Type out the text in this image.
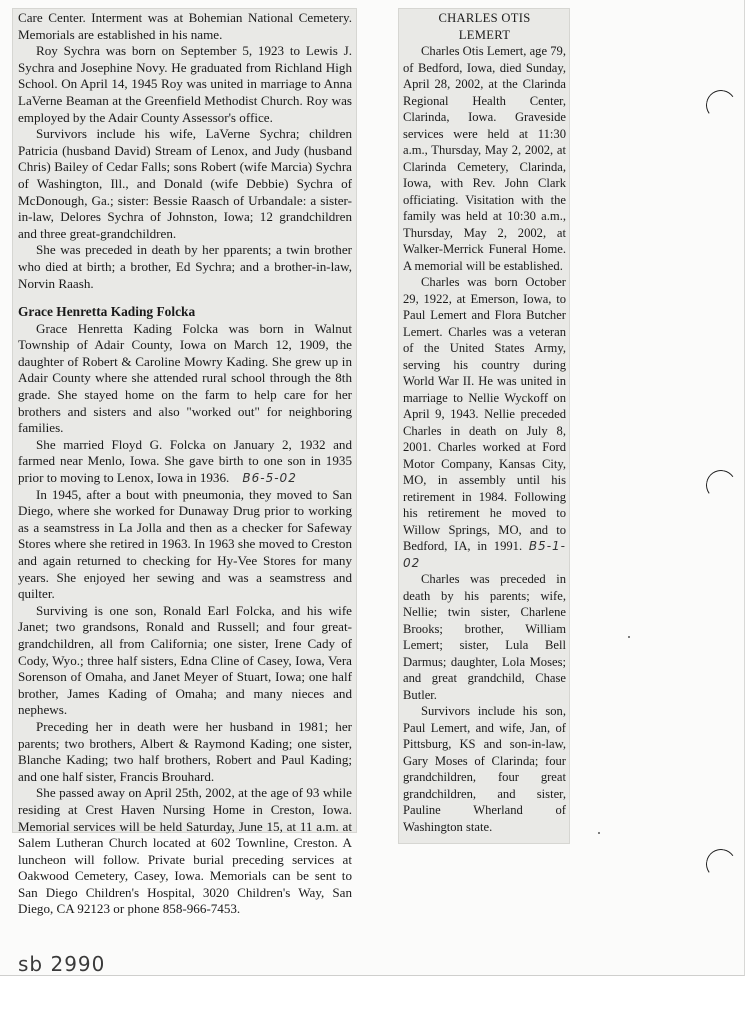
Care Center. Interment was at Bohemian National Cemetery. Memorials are established in his name.

Roy Sychra was born on September 5, 1923 to Lewis J. Sychra and Josephine Novy. He graduated from Richland High School. On April 14, 1945 Roy was united in marriage to Anna LaVerne Beaman at the Greenfield Methodist Church. Roy was employed by the Adair County Assessor's office.

Survivors include his wife, LaVerne Sychra; children Patricia (husband David) Stream of Lenox, and Judy (husband Chris) Bailey of Cedar Falls; sons Robert (wife Marcia) Sychra of Washington, Ill., and Donald (wife Debbie) Sychra of McDonough, Ga.; sister: Bessie Raasch of Urbandale: a sister-in-law, Delores Sychra of Johnston, Iowa; 12 grandchildren and three great-grandchildren.

She was preceded in death by her pparents; a twin brother who died at birth; a brother, Ed Sychra; and a brother-in-law, Norvin Raash.

Grace Henretta Kading Folcka

Grace Henretta Kading Folcka was born in Walnut Township of Adair County, Iowa on March 12, 1909, the daughter of Robert & Caroline Mowry Kading. She grew up in Adair County where she attended rural school through the 8th grade. She stayed home on the farm to help care for her brothers and sisters and also "worked out" for neighboring families.

She married Floyd G. Folcka on January 2, 1932 and farmed near Menlo, Iowa. She gave birth to one son in 1935 prior to moving to Lenox, Iowa in 1936. B6-5-02

In 1945, after a bout with pneumonia, they moved to San Diego, where she worked for Dunaway Drug prior to working as a seamstress in La Jolla and then as a checker for Safeway Stores where she retired in 1963. In 1963 she moved to Creston and again returned to checking for Hy-Vee Stores for many years. She enjoyed her sewing and was a seamstress and quilter.

Surviving is one son, Ronald Earl Folcka, and his wife Janet; two grandsons, Ronald and Russell; and four great-grandchildren, all from California; one sister, Irene Cady of Cody, Wyo.; three half sisters, Edna Cline of Casey, Iowa, Vera Sorenson of Omaha, and Janet Meyer of Stuart, Iowa; one half brother, James Kading of Omaha; and many nieces and nephews.

Preceding her in death were her husband in 1981; her parents; two brothers, Albert & Raymond Kading; one sister, Blanche Kading; two half brothers, Robert and Paul Kading; and one half sister, Francis Brouhard.

She passed away on April 25th, 2002, at the age of 93 while residing at Crest Haven Nursing Home in Creston, Iowa. Memorial services will be held Saturday, June 15, at 11 a.m. at Salem Lutheran Church located at 602 Townline, Creston. A luncheon will follow. Private burial preceding services at Oakwood Cemetery, Casey, Iowa. Memorials can be sent to San Diego Children's Hospital, 3020 Children's Way, San Diego, CA 92123 or phone 858-966-7453.

CHARLES OTIS

LEMERT

Charles Otis Lemert, age 79, of Bedford, Iowa, died Sunday, April 28, 2002, at the Clarinda Regional Health Center, Clarinda, Iowa. Graveside services were held at 11:30 a.m., Thursday, May 2, 2002, at Clarinda Cemetery, Clarinda, Iowa, with Rev. John Clark officiating. Visitation with the family was held at 10:30 a.m., Thursday, May 2, 2002, at Walker-Merrick Funeral Home. A memorial will be established.

Charles was born October 29, 1922, at Emerson, Iowa, to Paul Lemert and Flora Butcher Lemert. Charles was a veteran of the United States Army, serving his country during World War II. He was united in marriage to Nellie Wyckoff on April 9, 1943. Nellie preceded Charles in death on July 8, 2001. Charles worked at Ford Motor Company, Kansas City, MO, in assembly until his retirement in 1984. Following his retirement he moved to Willow Springs, MO, and to Bedford, IA, in 1991. B5-1-02

Charles was preceded in death by his parents; wife, Nellie; twin sister, Charlene Brooks; brother, William Lemert; sister, Lula Bell Darmus; daughter, Lola Moses; and great grandchild, Chase Butler.

Survivors include his son, Paul Lemert, and wife, Jan, of Pittsburg, KS and son-in-law, Gary Moses of Clarinda; four grandchildren, four great grandchildren, and sister, Pauline Wherland of Washington state.

sb 2990
